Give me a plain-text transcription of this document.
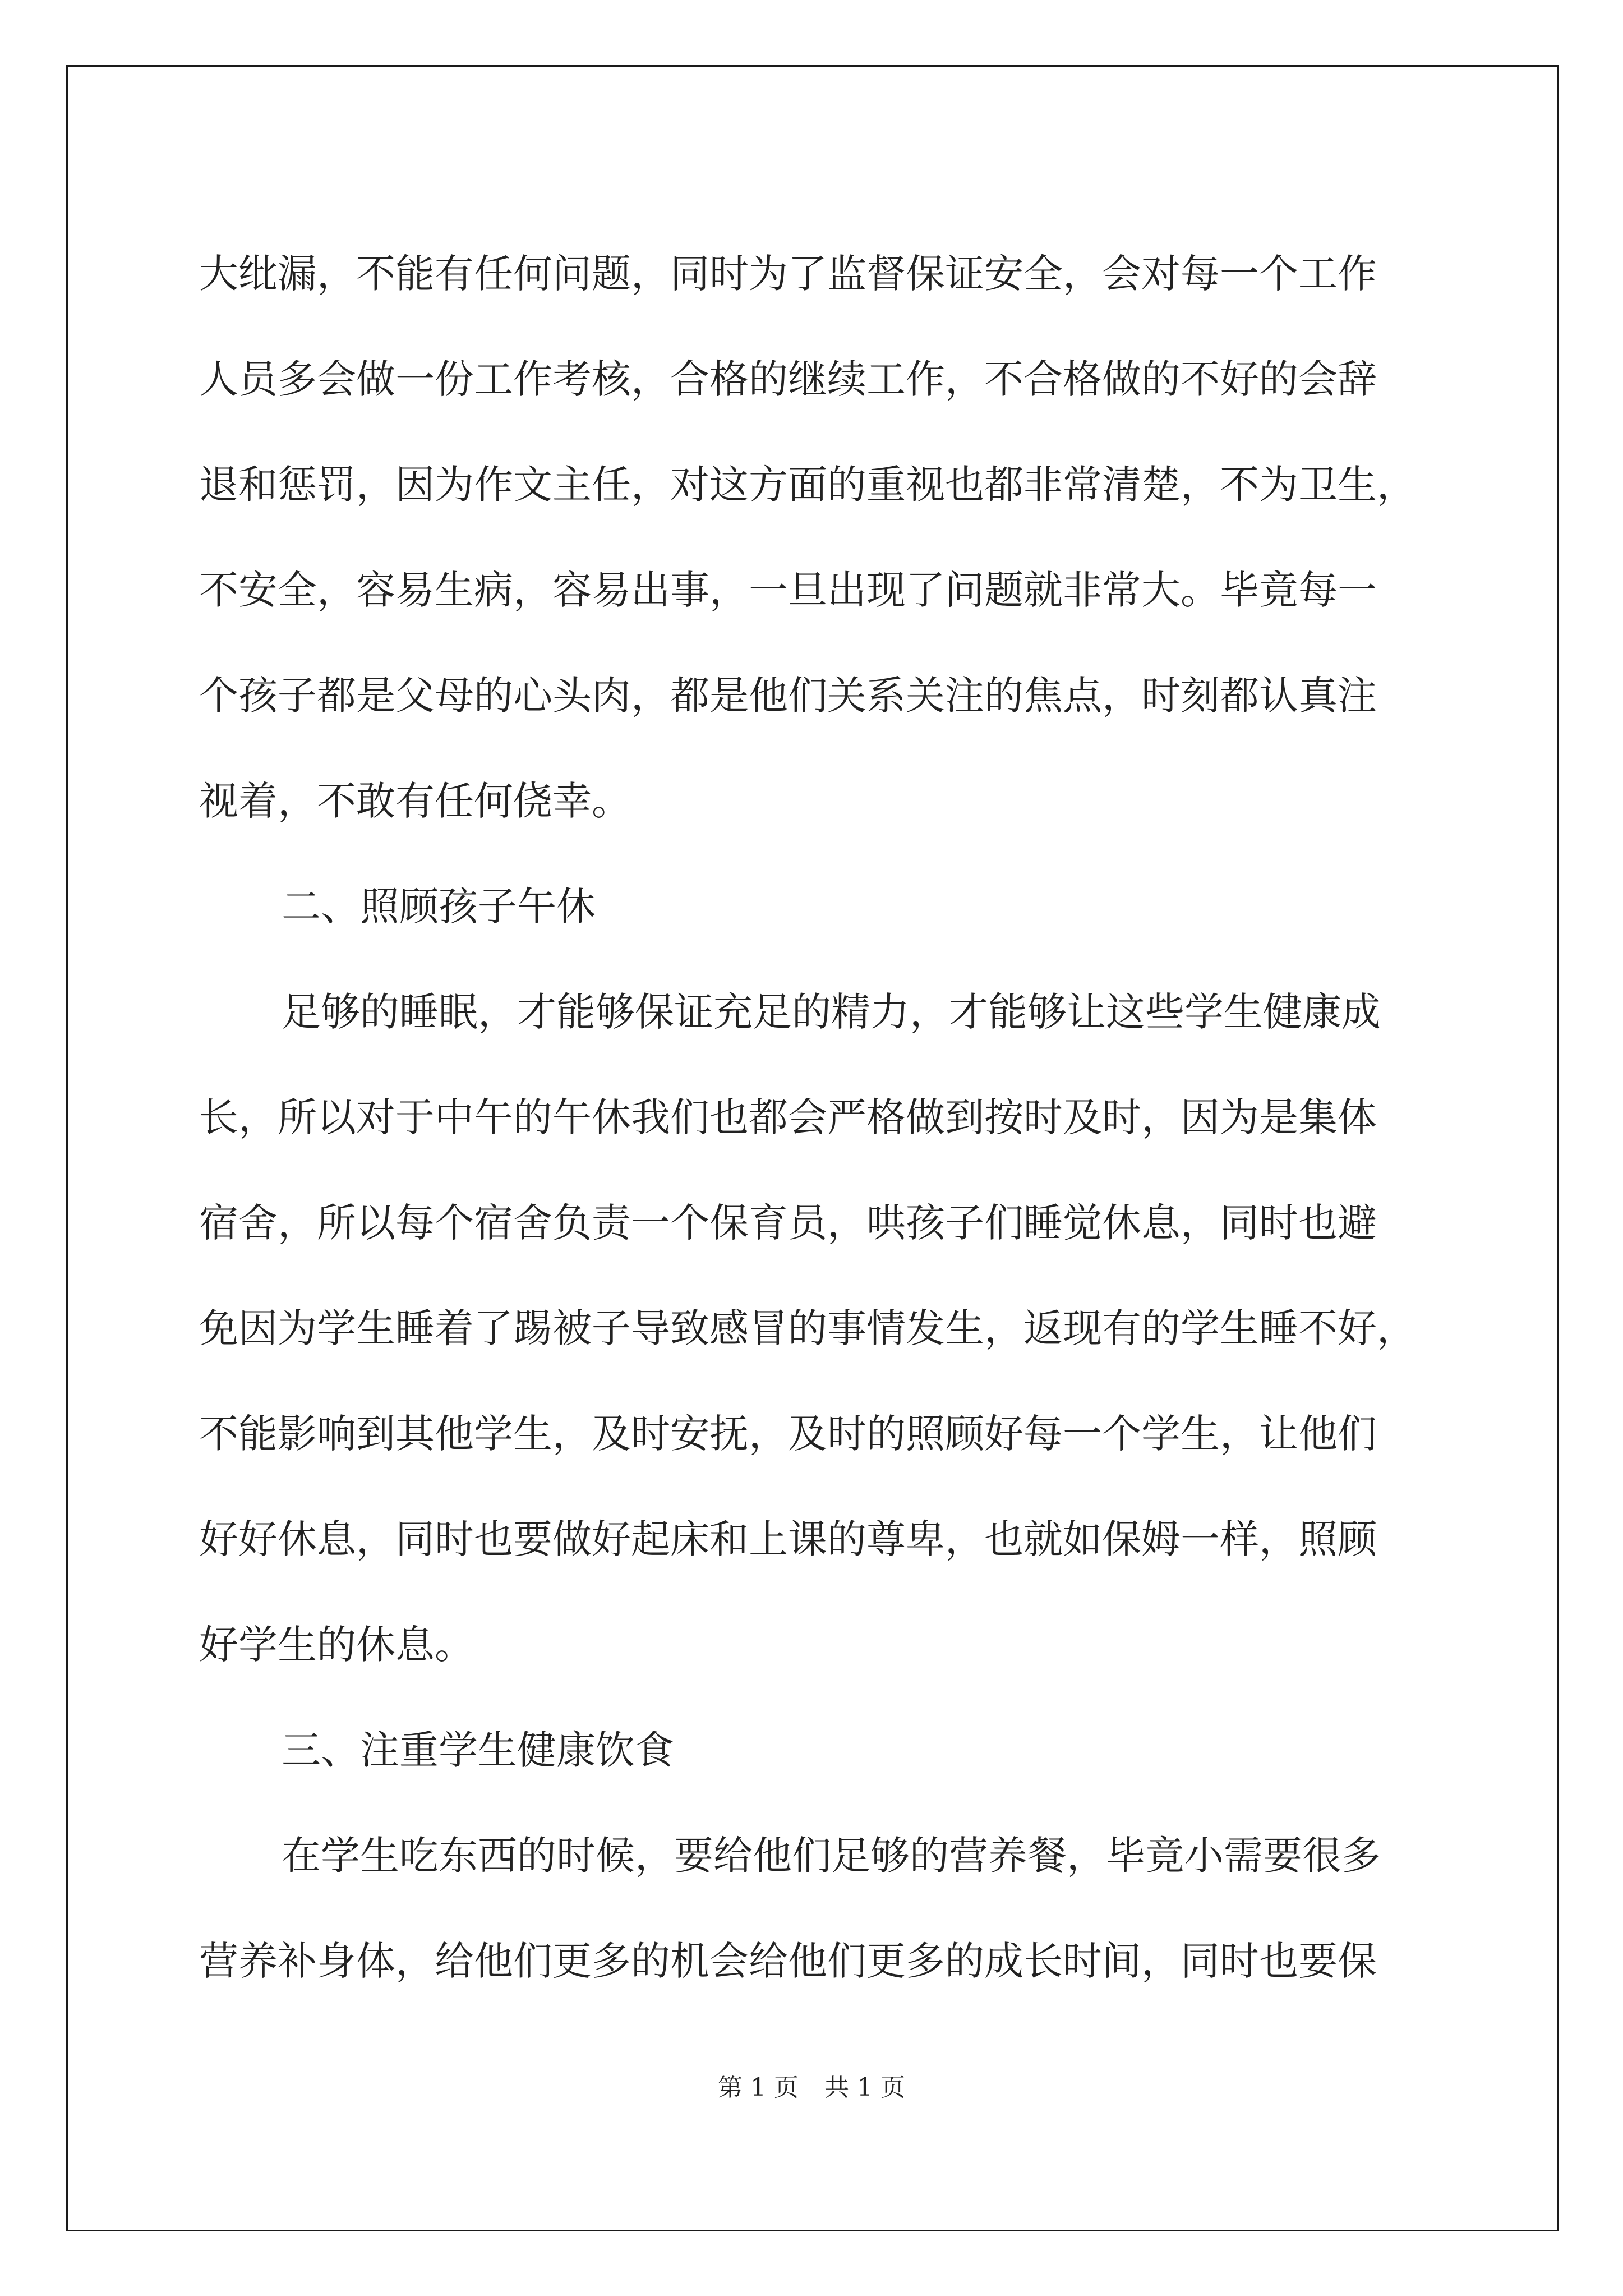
大纰漏，不能有任何问题，同时为了监督保证安全，会对每一个工作
人员多会做一份工作考核，合格的继续工作，不合格做的不好的会辞
退和惩罚，因为作文主任，对这方面的重视也都非常清楚，不为卫生，
不安全，容易生病，容易出事，一旦出现了问题就非常大。毕竟每一
个孩子都是父母的心头肉，都是他们关系关注的焦点，时刻都认真注
视着，不敢有任何侥幸。

二、照顾孩子午休

足够的睡眠，才能够保证充足的精力，才能够让这些学生健康成
长，所以对于中午的午休我们也都会严格做到按时及时，因为是集体
宿舍，所以每个宿舍负责一个保育员，哄孩子们睡觉休息，同时也避
免因为学生睡着了踢被子导致感冒的事情发生，返现有的学生睡不好，
不能影响到其他学生，及时安抚，及时的照顾好每一个学生，让他们
好好休息，同时也要做好起床和上课的尊卑，也就如保姆一样，照顾
好学生的休息。

三、注重学生健康饮食

在学生吃东西的时候，要给他们足够的营养餐，毕竟小需要很多
营养补身体，给他们更多的机会给他们更多的成长时间，同时也要保

第 1 页 共 1 页
